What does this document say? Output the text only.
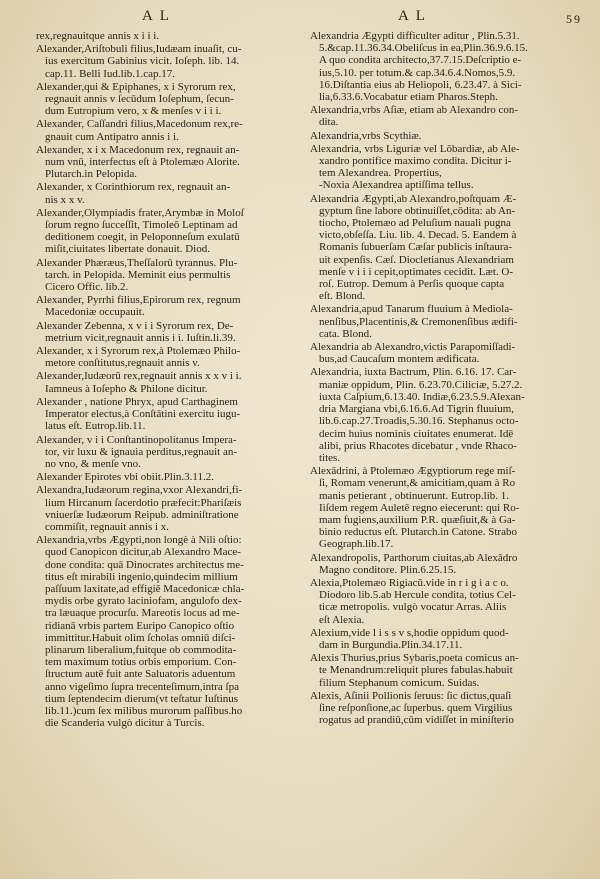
A L	A L	59

rex,regnauitque annis x i i i.

Alexander,Ariſtobuli filius,Iudæam inuaſit, cu-
ius exercitum Gabinius vicit. Ioſeph. lib. 14.
cap.11. Belli Iud.lib.1.cap.17.

Alexander,qui & Epiphanes, x i Syrorum rex,
regnauit annis v ſecūdum Ioſephum, ſecun-
dum Eutropium vero, x & menſes v i i i.

Alexander, Caſſandri filius,Macedonum rex,re-
gnauit cum Antipatro annis i i.

Alexander, x i x Macedonum rex, regnauit an-
num vnū, interfectus eſt à Ptolemæo Alorite.
Plutarch.in Pelopida.

Alexander, x Corinthiorum rex, regnauit an-
nis x x v.

Alexander,Olympiadis frater,Arymbæ in Moloſ
ſorum regno ſucceſſit, Timoleō Leptinam ad
deditionem coegit, in Peloponneſum exulatū
miſit,ciuitates libertate donauit. Diod.

Alexander Phæræus,Theſſalorū tyrannus. Plu-
tarch. in Pelopida. Meminit eius permultis
Cicero Offic. lib.2.

Alexander, Pyrrhi filius,Epirorum rex, regnum
Macedoniæ occupauit.

Alexander Zebenna, x v i i Syrorum rex, De-
metrium vicit,regnauit annis i i. Iuſtin.li.39.

Alexander, x i Syrorum rex,à Ptolemæo Philo-
metore conſtitutus,regnauit annis v.

Alexander,Iudæorū rex,regnauit annis x x v i i.
Iamneus à Ioſepho & Philone dicitur.

Alexander , natione Phryx, apud Carthaginem
Imperator electus,à Conſtātini exercitu iugu-
latus eſt. Eutrop.lib.11.

Alexander, v i i Conſtantinopolitanus Impera-
tor, vir luxu & ignauia perditus,regnauit an-
no vno, & menſe vno.

Alexander Epirotes vbi obiit.Plin.3.11.2.

Alexandra,Iudæorum regina,vxor Alexandri,fi-
lium Hircanum ſacerdotio præfecit:Phariſæis
vniuerſæ Iudæorum Reipub. adminiſtratione
commiſit, regnauit annis i x.

Alexandria,vrbs Ægypti,non longè à Nili oſtio:
quod Canopicon dicitur,ab Alexandro Mace-
done condita: quā Dinocrates architectus me-
titus eſt mirabili ingenio,quindecim millium
paſſuum laxitate,ad effigiē Macedonicæ chla-
mydis orbe gyrato laciniofam, angulofo dex-
tra læuaque procurſu. Mareotis locus ad me-
ridianā vrbis partem Euripo Canopico oſtio
immittitur.Habuit olim ſcholas omniū diſci-
plinarum liberalium,fuitque ob commodita-
tem maximum totius orbis emporium. Con-
ſtructum autē fuit ante Saluatoris aduentum
anno vigeſimo ſupra trecenteſimum,intra ſpa
tium ſeptendecim dierum(vt teſtatur Iuſtinus
lib.11.)cum ſex milibus murorum paſſibus.ho
die Scanderia vulgò dicitur à Turcis.

Alexandria Ægypti difficulter aditur , Plin.5.31.
5.&cap.11.36.34.Obeliſcus in ea,Plin.36.9.6.15.
A quo condita architecto,37.7.15.Deſcriptio e-
ius,5.10. per totum.& cap.34.6.4.Nomos,5.9.
16.Diſtantia eius ab Heliopoli, 6.23.47. à Sici-
lia,6.33.6.Vocabatur etiam Pharos.Steph.

Alexandria,vrbs Aſiæ, etiam ab Alexandro con-
dita.

Alexandria,vrbs Scythiæ.

Alexandria, vrbs Liguriæ vel Lōbardiæ, ab Ale-
xandro pontifice maximo condita. Dicitur i-
tem Alexandrea. Propertius,
-Noxia Alexandrea aptiſſima tellus.

Alexandria Ægypti,ab Alexandro,poſtquam Æ-
gyptum ſine labore obtinuiſſet,cōdita: ab An-
tiocho, Ptolemæo ad Peluſium nauali pugna
victo,obſeſſa. Liu. lib. 4. Decad. 5. Eandem à
Romanis ſubuerſam Cæſar publicis inſtaura-
uit expenſis. Cæſ. Diocletianus Alexandriam
menſe v i i i cepit,optimates cecidit. Læt. O-
roſ. Eutrop. Demum à Perſis quoque capta
eſt. Blond.

Alexandria,apud Tanarum fluuium à Mediola-
nenſibus,Placentinis,& Cremonenſibus ædifi-
cata. Blond.

Alexandria ab Alexandro,victis Parapomiſſadi-
bus,ad Caucaſum montem ædificata.

Alexandria, iuxta Bactrum, Plin. 6.16. 17. Car-
maniæ oppidum, Plin. 6.23.70.Ciliciæ, 5.27.2.
iuxta Caſpium,6.13.40. Indiæ,6.23.5.9.Alexan-
dria Margiana vbi,6.16.6.Ad Tigrin fluuium,
lib.6.cap.27.Troadis,5.30.16. Stephanus octo-
decim huius nominis ciuitates enumerat. Idē
alibi, prius Rhacotes dicebatur , vnde Rhaco-
tites.

Alexādrini, à Ptolemæo Ægyptiorum rege miſ-
ſi, Romam venerunt,& amicitiam,quam à Ro
manis petierant , obtinuerunt. Eutrop.lib. 1.
Iiſdem regem Auletē regno eiecerunt: qui Ro-
mam fugiens,auxilium P.R. quæſiuit,& à Ga-
binio reductus eſt. Plutarch.in Catone. Strabo
Geograph.lib.17.

Alexandropolis, Parthorum ciuitas,ab Alexādro
Magno conditore. Plin.6.25.15.

Alexia,Ptolemæo Rigiacū.vide in r i g i a c o.
Diodoro lib.5.ab Hercule condita, totius Cel-
ticæ metropolis. vulgò vocatur Arras. Aliis
eſt Alexia.

Alexium,vide l i s s v s,hodie oppidum quod-
dam in Burgundia.Plin.34.17.11.

Alexis Thurius,prius Sybaris,poeta comicus an-
te Menandrum:reliquit plures fabulas.habuit
filium Stephanum comicum. Suidas.

Alexis, Aſinii Pollionis ſeruus: ſic dictus,quaſi
ſine reſponſione,ac ſuperbus. quem Virgilius
rogatus ad prandiū,cūm vidiſſet in miniſterio
